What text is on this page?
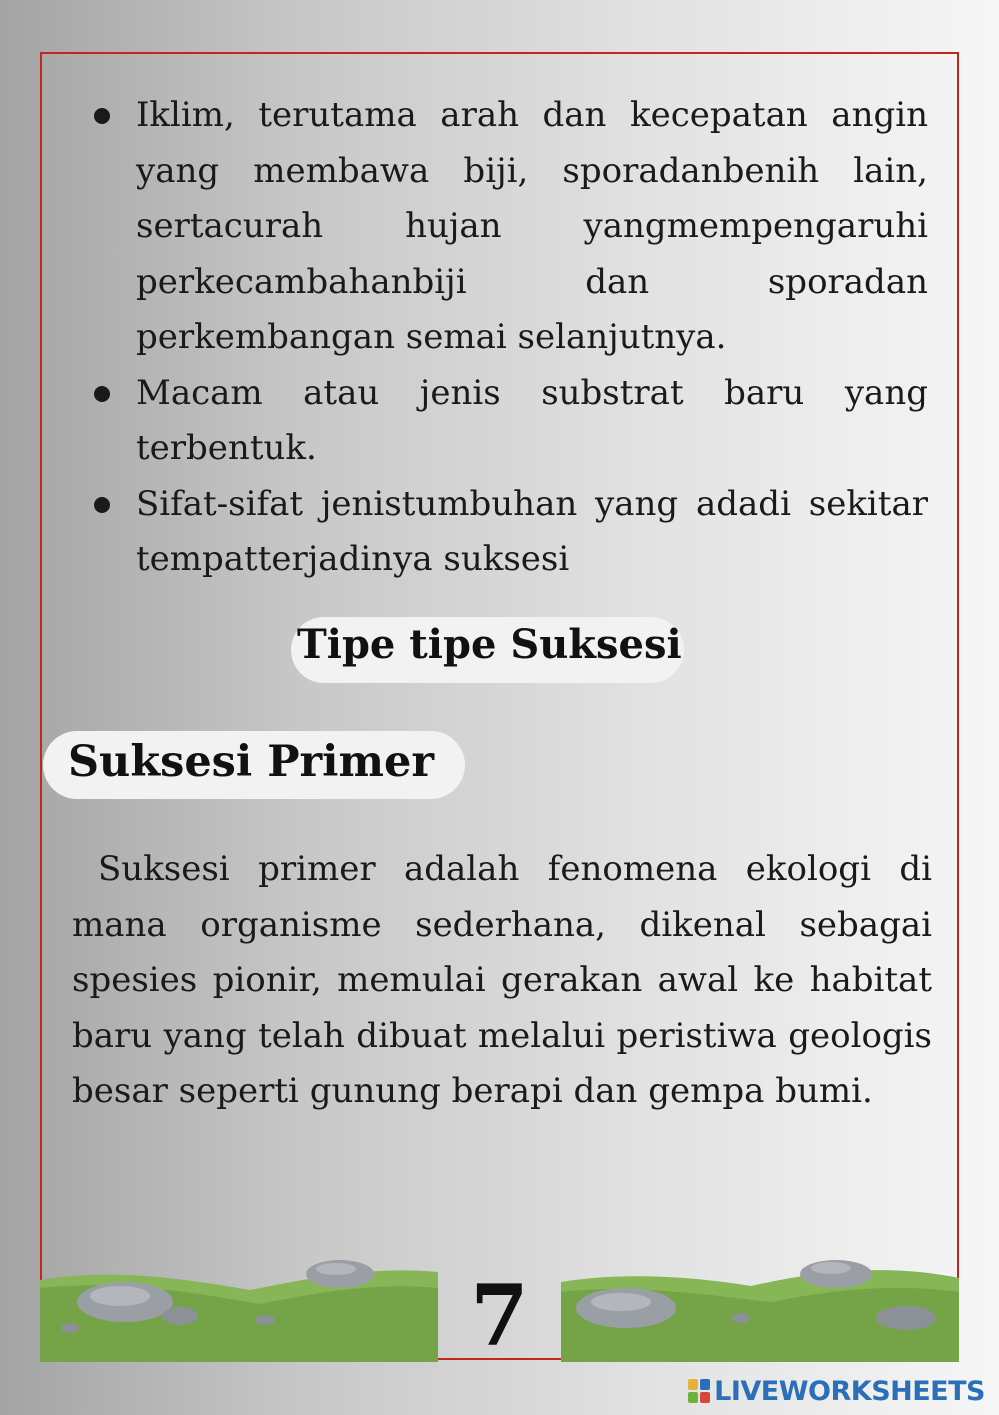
Iklim, terutama arah dan kecepatan angin yang membawa biji, sporadanbenih lain, sertacurah hujan yangmempengaruhi perkecambahanbiji dan sporadan perkembangan semai selanjutnya.
Macam atau jenis substrat baru yang terbentuk.
Sifat-sifat jenistumbuhan yang adadi sekitar tempatterjadinya suksesi
Tipe tipe Suksesi
Suksesi Primer

Suksesi primer adalah fenomena ekologi di mana organisme sederhana, dikenal sebagai spesies pionir, memulai gerakan awal ke habitat baru yang telah dibuat melalui peristiwa geologis besar seperti gunung berapi dan gempa bumi.

7
LIVEWORKSHEETS
